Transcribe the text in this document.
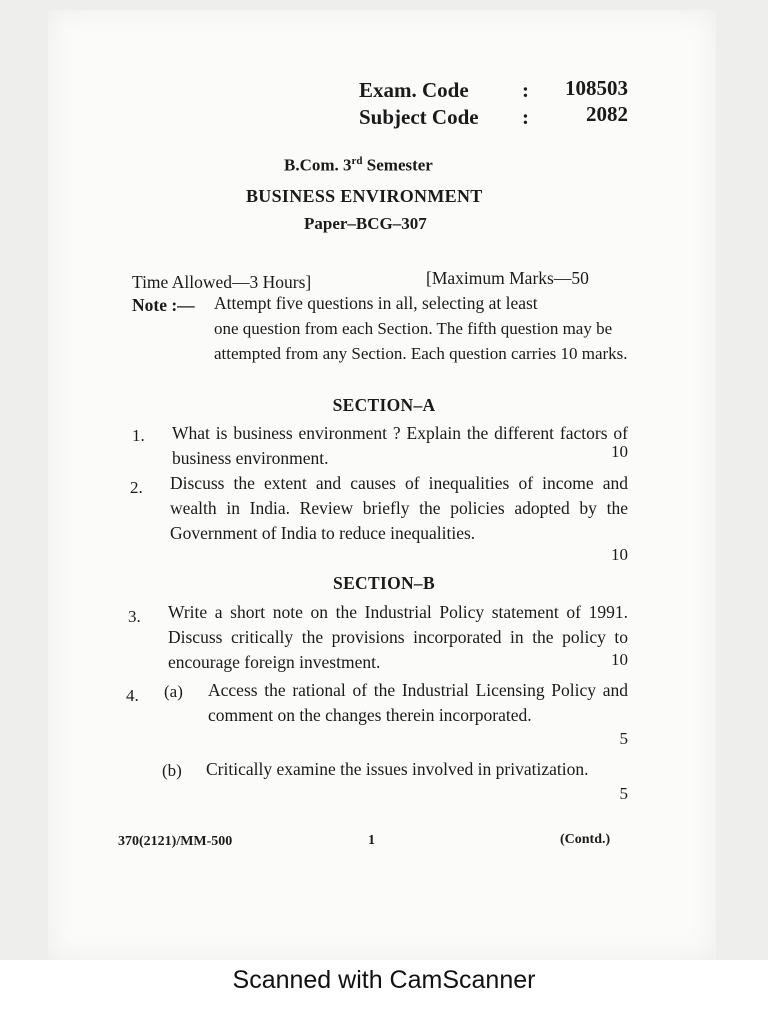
Exam. Code	:	108503
Subject Code :	2082
B.Com. 3rd Semester
BUSINESS ENVIRONMENT
Paper–BCG–307
Time Allowed—3 Hours]	[Maximum Marks—50
Note :— Attempt five questions in all, selecting at least
one question from each Section. The fifth question may be attempted from any Section. Each question carries 10 marks.
SECTION–A
1. What is business environment ? Explain the different factors of business environment.	10
2. Discuss the extent and causes of inequalities of income and wealth in India. Review briefly the policies adopted by the Government of India to reduce inequalities.
10
SECTION–B
3. Write a short note on the Industrial Policy statement of 1991. Discuss critically the provisions incorporated in the policy to encourage foreign investment.	10
4. (a) Access the rational of the Industrial Licensing Policy and comment on the changes therein incorporated.
5
(b) Critically examine the issues involved in privatization.
5
370(2121)/MM-500	1	(Contd.)
Scanned with CamScanner
